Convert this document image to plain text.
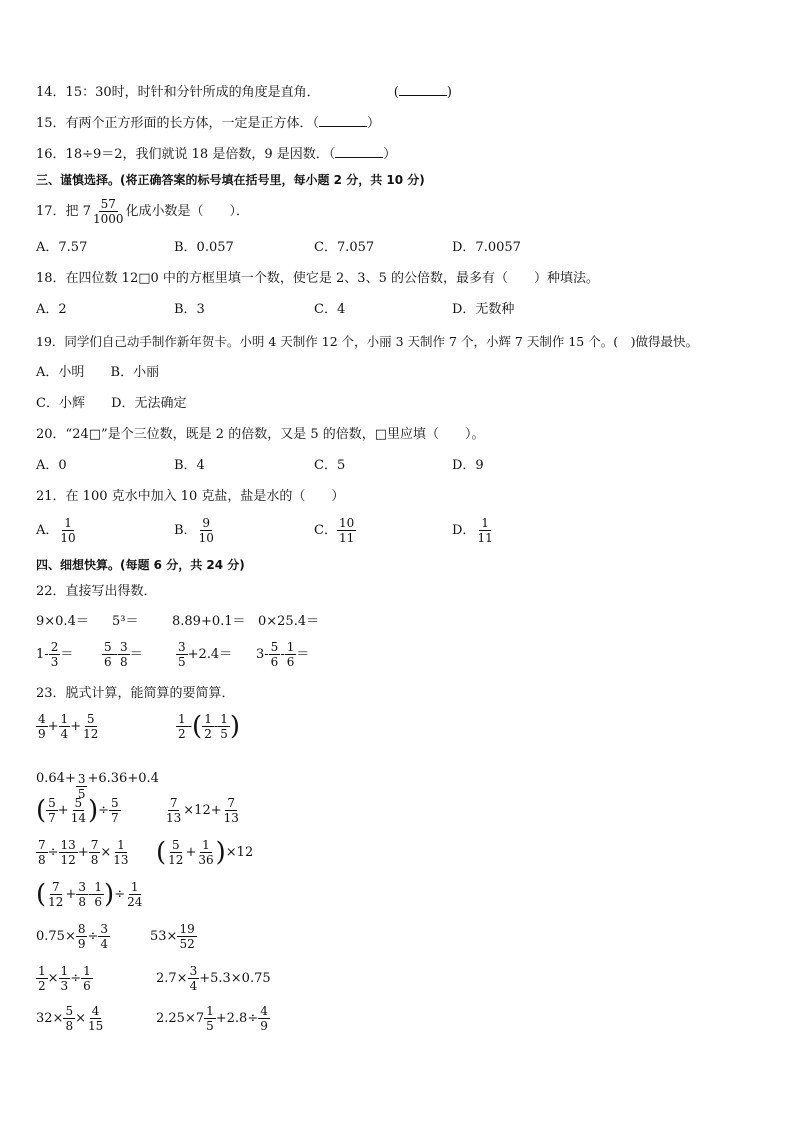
14．15：30时，时针和分针所成的角度是直角．	(	)
15．有两个正方形面的长方体，一定是正方体．（	）
16．18÷9＝2，我们就说 18 是倍数，9 是因数．（	）
三、谨慎选择。(将正确答案的标号填在括号里，每小题 2 分，共 10 分)
17．把 $7 \frac{57}{1000}$ 化成小数是（　　）．
A．7.57	B．0.057	C．7.057	D．7.0057
18．在四位数 12□0 中的方框里填一个数，使它是 2、3、5 的公倍数，最多有（　　）种填法。
A．2	B．3	C．4	D．无数种
19．同学们自己动手制作新年贺卡。小明 4 天制作 12 个，小丽 3 天制作 7 个，小辉 7 天制作 15 个。(　)做得最快。
A．小明 B．小丽
C．小辉 D．无法确定
20．“24□”是个三位数，既是 2 的倍数，又是 5 的倍数，□里应填（　　）。
A．0	B．4	C．5	D．9
21．在 100 克水中加入 10 克盐，盐是水的（　　）
A． $\frac{1}{10}$	B． $\frac{9}{10}$	C． $\frac{10}{11}$	D． $\frac{1}{11}$
四、细想快算。(每题 6 分，共 24 分)
22．直接写出得数．
9×0.4＝ 5³＝	8.89+0.1＝ 0×25.4＝
$1- \frac{2}{3} = \frac{5}{6} - \frac{3}{8}$ ＝	$\frac{3}{5} +2.4= 3- \frac{5}{6} - \frac{1}{6}$ ＝
23．脱式计算，能简算的要简算．
$\frac{4}{9} + \frac{1}{4} + \frac{5}{12}$	$\frac{1}{2}$ -( $\frac{1}{2} - \frac{1}{5}$ )
$0.64+ \frac{3}{5} +6.36+0.4$
( $\frac{5}{7} + \frac{5}{14}$ )÷ $\frac{5}{7}$	$\frac{7}{13} \times 12+ \frac{7}{13}$
$\frac{7}{8} \div \frac{13}{12} + \frac{7}{8} \times \frac{1}{13}$ ( $\frac{5}{12} + \frac{1}{36} )\times 12$
( $\frac{7}{12} + \frac{3}{8} - \frac{1}{6}$ )÷ $\frac{1}{24}$
$0.75\times \frac{8}{9} \div \frac{3}{4}$	$53\times \frac{19}{52}$
$\frac{1}{2} \times \frac{1}{3} \div \frac{1}{6}$	$2.7\times \frac{3}{4} +5.3\times 0.75$
$32\times \frac{5}{8} \times \frac{4}{15}$	$2.25\times 7 \frac{1}{5} +2.8\div \frac{4}{9}$
